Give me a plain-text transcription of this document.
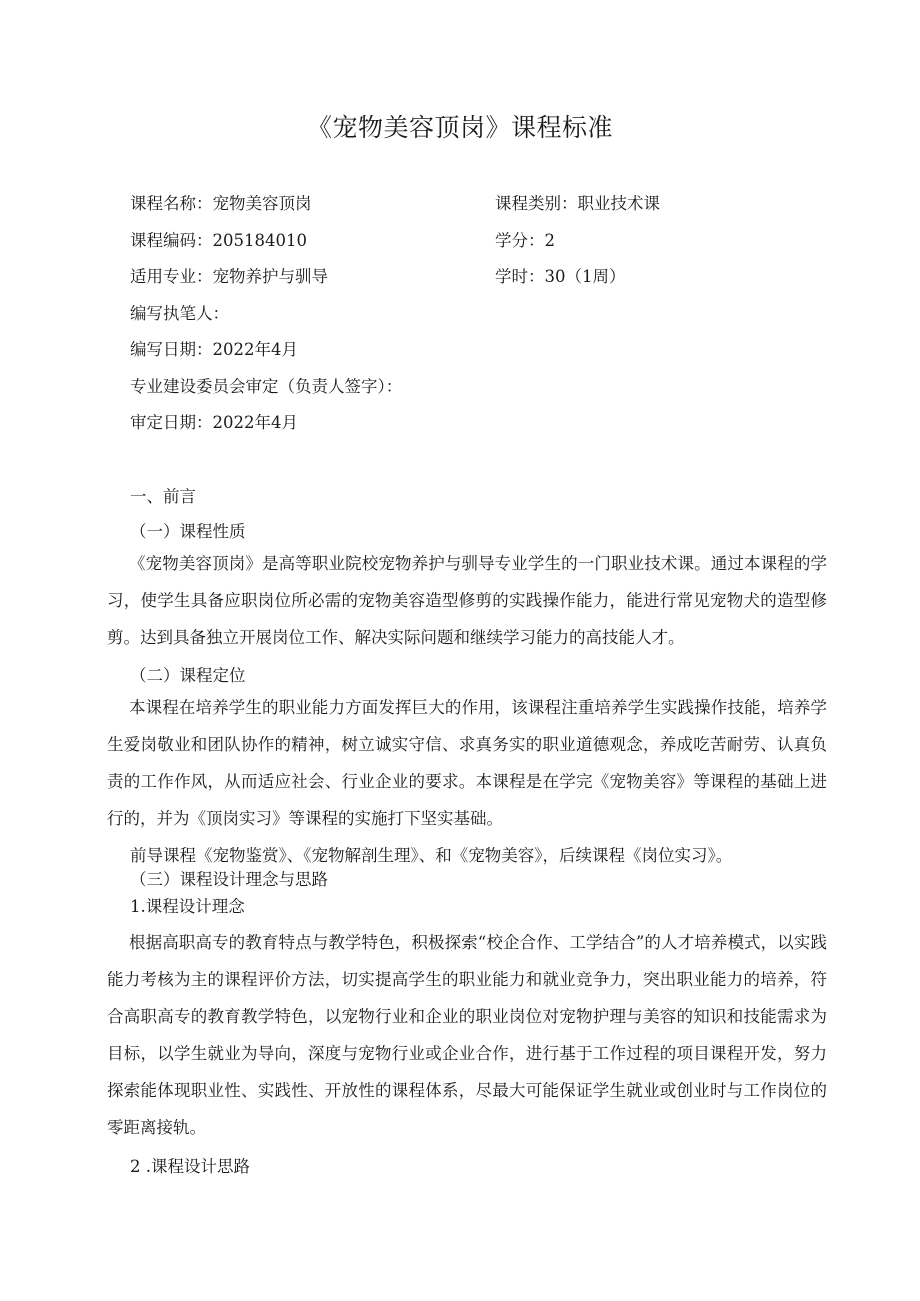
《宠物美容顶岗》课程标准
课程名称：宠物美容顶岗	课程类别：职业技术课
课程编码：205184010	学分：2
适用专业：宠物养护与驯导	学时：30（1周）
编写执笔人：
编写日期：2022年4月
专业建设委员会审定（负责人签字）：
审定日期：2022年4月
一、前言
（一）课程性质
《宠物美容顶岗》是高等职业院校宠物养护与驯导专业学生的一门职业技术课。通过本课程的学习，使学生具备应职岗位所必需的宠物美容造型修剪的实践操作能力，能进行常见宠物犬的造型修剪。达到具备独立开展岗位工作、解决实际问题和继续学习能力的高技能人才。
（二）课程定位
本课程在培养学生的职业能力方面发挥巨大的作用，该课程注重培养学生实践操作技能，培养学生爱岗敬业和团队协作的精神，树立诚实守信、求真务实的职业道德观念，养成吃苦耐劳、认真负责的工作作风，从而适应社会、行业企业的要求。本课程是在学完《宠物美容》等课程的基础上进行的，并为《顶岗实习》等课程的实施打下坚实基础。
前导课程《宠物鉴赏》、《宠物解剖生理》、和《宠物美容》，后续课程《岗位实习》。
（三）课程设计理念与思路
1.课程设计理念
根据高职高专的教育特点与教学特色，积极探索“校企合作、工学结合”的人才培养模式，以实践能力考核为主的课程评价方法，切实提高学生的职业能力和就业竞争力，突出职业能力的培养，符合高职高专的教育教学特色，以宠物行业和企业的职业岗位对宠物护理与美容的知识和技能需求为目标，以学生就业为导向，深度与宠物行业或企业合作，进行基于工作过程的项目课程开发，努力探索能体现职业性、实践性、开放性的课程体系，尽最大可能保证学生就业或创业时与工作岗位的零距离接轨。
2 .课程设计思路
